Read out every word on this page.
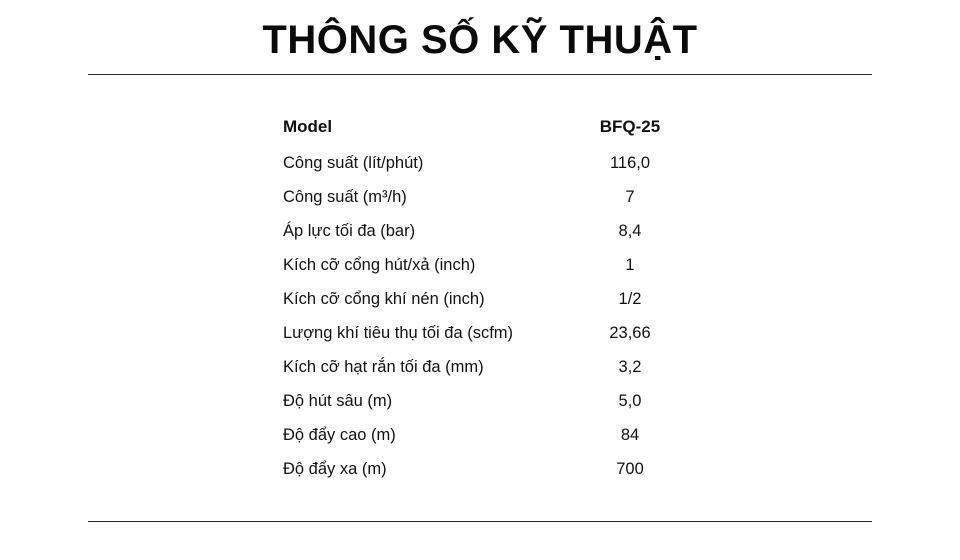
THÔNG SỐ KỸ THUẬT
Model	BFQ-25
Công suất (lít/phút)	116,0
Công suất (m³/h)	7
Áp lực tối đa (bar)	8,4
Kích cỡ cổng hút/xả (inch)	1
Kích cỡ cổng khí nén (inch)	1/2
Lượng khí tiêu thụ tối đa (scfm)	23,66
Kích cỡ hạt rắn tối đa (mm)	3,2
Độ hút sâu (m)	5,0
Độ đẩy cao (m)	84
Độ đẩy xa (m)	700
